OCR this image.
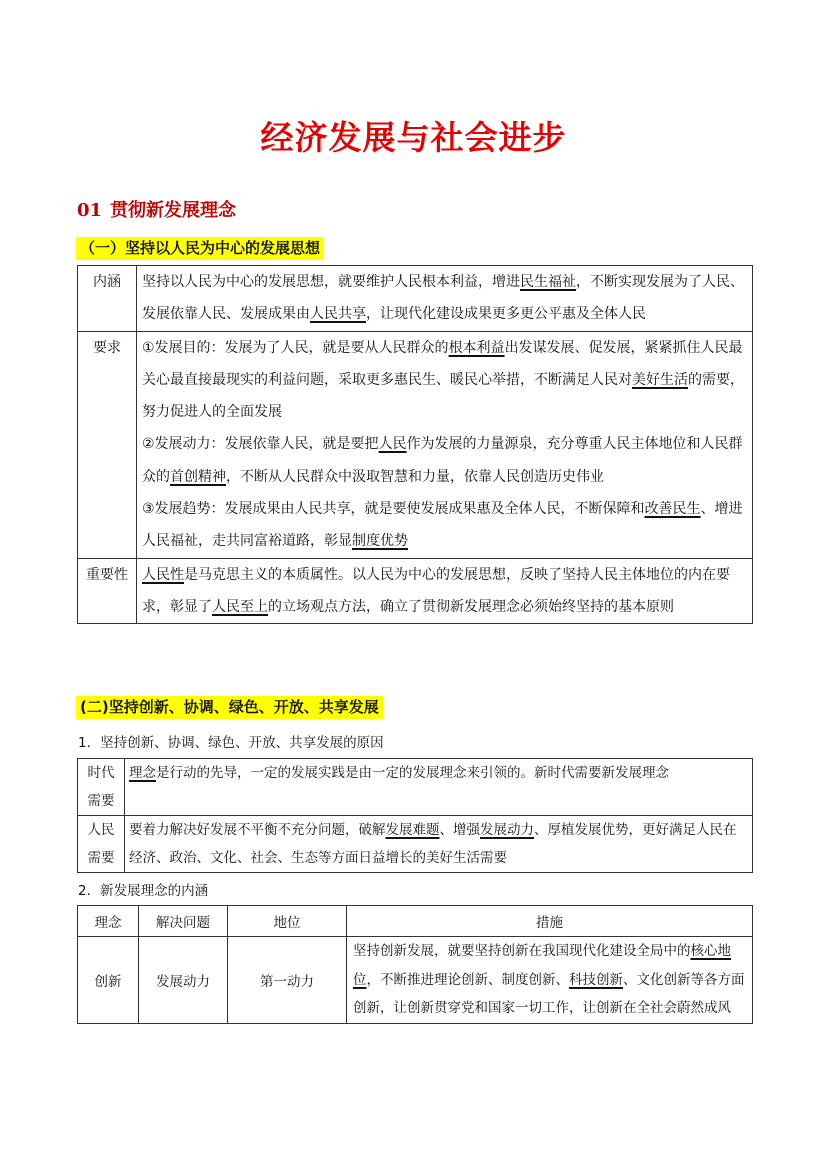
经济发展与社会进步
01 贯彻新发展理念
（一）坚持以人民为中心的发展思想
内涵	坚持以人民为中心的发展思想，就要维护人民根本利益，增进民生福祉，不断实现发展为了人民、发展依靠人民、发展成果由人民共享，让现代化建设成果更多更公平惠及全体人民
要求	①发展目的：发展为了人民，就是要从人民群众的根本利益出发谋发展、促发展，紧紧抓住人民最关心最直接最现实的利益问题，采取更多惠民生、暖民心举措，不断满足人民对美好生活的需要，努力促进人的全面发展
②发展动力：发展依靠人民，就是要把人民作为发展的力量源泉，充分尊重人民主体地位和人民群众的首创精神，不断从人民群众中汲取智慧和力量，依靠人民创造历史伟业
③发展趋势：发展成果由人民共享，就是要使发展成果惠及全体人民，不断保障和改善民生、增进人民福祉，走共同富裕道路，彰显制度优势
重要性	人民性是马克思主义的本质属性。以人民为中心的发展思想，反映了坚持人民主体地位的内在要求，彰显了人民至上的立场观点方法，确立了贯彻新发展理念必须始终坚持的基本原则
(二)坚持创新、协调、绿色、开放、共享发展
1．坚持创新、协调、绿色、开放、共享发展的原因
时代需要	理念是行动的先导，一定的发展实践是由一定的发展理念来引领的。新时代需要新发展理念
人民需要	要着力解决好发展不平衡不充分问题，破解发展难题、增强发展动力、厚植发展优势，更好满足人民在经济、政治、文化、社会、生态等方面日益增长的美好生活需要
2．新发展理念的内涵
理念	解决问题	地位	措施
创新	发展动力	第一动力	坚持创新发展，就要坚持创新在我国现代化建设全局中的核心地位，不断推进理论创新、制度创新、科技创新、文化创新等各方面创新，让创新贯穿党和国家一切工作，让创新在全社会蔚然成风
